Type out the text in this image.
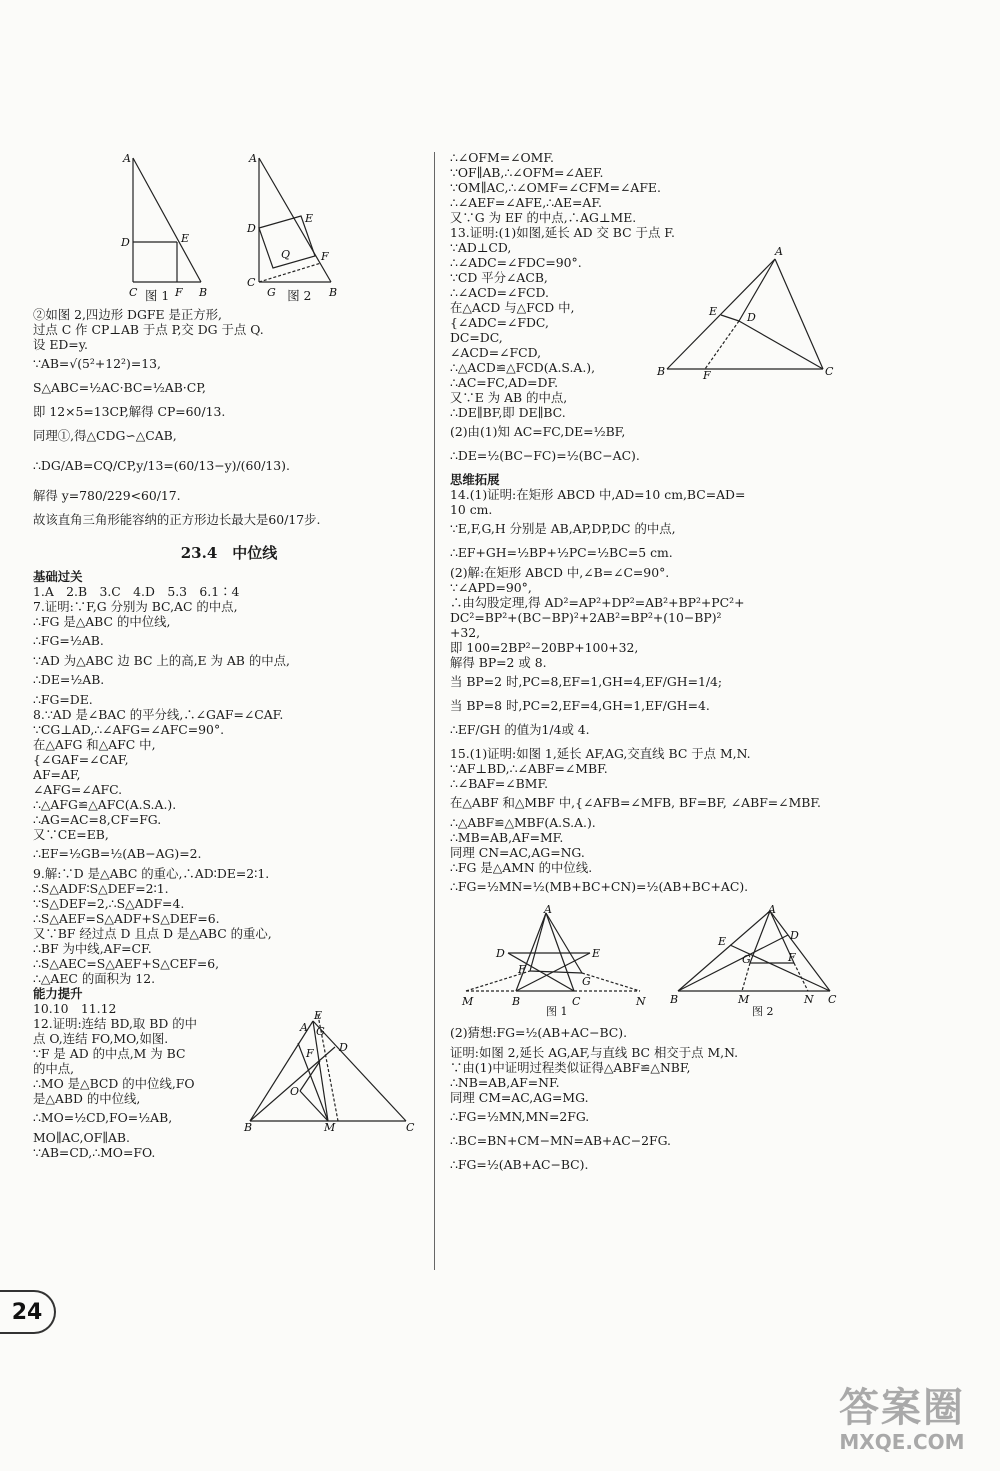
A
D	E
C	F B
A
E
D
Q	F
C
G	B
图 1	图 2
②如图 2,四边形 DGFE 是正方形,
过点 C 作 CP⊥AB 于点 P,交 DG 于点 Q.
设 ED=y.
∵AB=√(5²+12²)=13,
S△ABC=½AC·BC=½AB·CP,
即 12×5=13CP,解得 CP=60/13.
同理①,得△CDG∽△CAB,
∴DG/AB=CQ/CP,y/13=(60/13−y)/(60/13).
解得 y=780/229<60/17.
故该直角三角形能容纳的正方形边长最大是60/17步.
23.4　中位线
基础过关
1.A　2.B　3.C　4.D　5.3　6.1∶4
7.证明:∵F,G 分别为 BC,AC 的中点,
∴FG 是△ABC 的中位线,
∴FG=½AB.
∵AD 为△ABC 边 BC 上的高,E 为 AB 的中点,
∴DE=½AB.
∴FG=DE.
8.∵AD 是∠BAC 的平分线,∴∠GAF=∠CAF.
∵CG⊥AD,∴∠AFG=∠AFC=90°.
在△AFG 和△AFC 中,
{∠GAF=∠CAF,
AF=AF,
∠AFG=∠AFC.
∴△AFG≌△AFC(A.S.A.).
∴AG=AC=8,CF=FG.
又∵CE=EB,
∴EF=½GB=½(AB−AG)=2.
9.解:∵D 是△ABC 的重心,∴AD∶DE=2∶1.
∴S△ADF∶S△DEF=2∶1.
∵S△DEF=2,∴S△ADF=4.
∴S△AEF=S△ADF+S△DEF=6.
又∵BF 经过点 D 且点 D 是△ABC 的重心,
∴BF 为中线,AF=CF.
∴S△AEC=S△AEF+S△CEF=6,
∴△AEC 的面积为 12.
能力提升
10.10　11.12
12.证明:连结 BD,取 BD 的中
点 O,连结 FO,MO,如图.
∵F 是 AD 的中点,M 为 BC
的中点,
∴MO 是△BCD 的中位线,FO
是△ABD 的中位线,
∴MO=½CD,FO=½AB,
MO∥AC,OF∥AB.
∵AB=CD,∴MO=FO.
E
A G
D
F
O
B	M	C
∴∠OFM=∠OMF.
∵OF∥AB,∴∠OFM=∠AEF.
∵OM∥AC,∴∠OMF=∠CFM=∠AFE.
∴∠AEF=∠AFE,∴AE=AF.
又∵G 为 EF 的中点,∴AG⊥ME.
13.证明:(1)如图,延长 AD 交 BC 于点 F.
∵AD⊥CD,
∴∠ADC=∠FDC=90°.
∵CD 平分∠ACB,
∴∠ACD=∠FCD.
在△ACD 与△FCD 中,
{∠ADC=∠FDC,
DC=DC,
∠ACD=∠FCD,
∴△ACD≌△FCD(A.S.A.),
∴AC=FC,AD=DF.
又∵E 为 AB 的中点,
∴DE∥BF,即 DE∥BC.
(2)由(1)知 AC=FC,DE=½BF,
∴DE=½(BC−FC)=½(BC−AC).
A
E	D
B	F	C
思维拓展
14.(1)证明:在矩形 ABCD 中,AD=10 cm,BC=AD=
10 cm.
∵E,F,G,H 分别是 AB,AP,DP,DC 的中点,
∴EF+GH=½BP+½PC=½BC=5 cm.
(2)解:在矩形 ABCD 中,∠B=∠C=90°.
∵∠APD=90°,
∴由勾股定理,得 AD²=AP²+DP²=AB²+BP²+PC²+
DC²=BP²+(BC−BP)²+2AB²=BP²+(10−BP)²
+32,
即 100=2BP²−20BP+100+32,
解得 BP=2 或 8.
当 BP=2 时,PC=8,EF=1,GH=4,EF/GH=1/4;
当 BP=8 时,PC=2,EF=4,GH=1,EF/GH=4.
∴EF/GH 的值为1/4或 4.
15.(1)证明:如图 1,延长 AF,AG,交直线 BC 于点 M,N.
∵AF⊥BD,∴∠ABF=∠MBF.
∴∠BAF=∠BMF.
在△ABF 和△MBF 中,{∠AFB=∠MFB, BF=BF, ∠ABF=∠MBF.
∴△ABF≌△MBF(A.S.A.).
∴MB=AB,AF=MF.
同理 CN=AC,AG=NG.
∴FG 是△AMN 的中位线.
∴FG=½MN=½(MB+BC+CN)=½(AB+BC+AC).
A
D	E
F
G
M	B	C	N
图 1
A
E
G
D
F
B	M	N C
图 2
(2)猜想:FG=½(AB+AC−BC).
证明:如图 2,延长 AG,AF,与直线 BC 相交于点 M,N.
∵由(1)中证明过程类似证得△ABF≌△NBF,
∴NB=AB,AF=NF.
同理 CM=AC,AG=MG.
∴FG=½MN,MN=2FG.
∴BC=BN+CM−MN=AB+AC−2FG.
∴FG=½(AB+AC−BC).
24
答案圈
MXQE.COM
